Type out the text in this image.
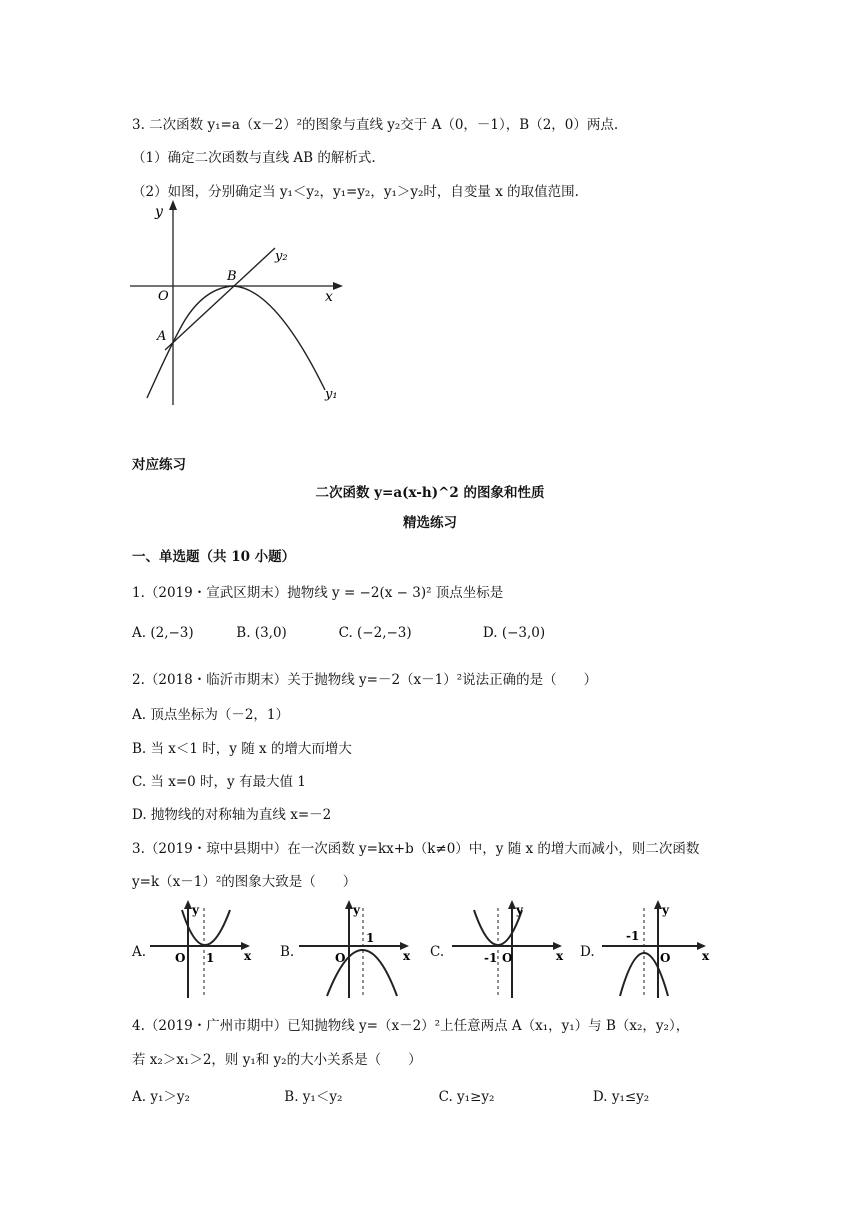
3. 二次函数 y₁=a（x－2）²的图象与直线 y₂交于 A（0，－1），B（2，0）两点.
（1）确定二次函数与直线 AB 的解析式.
（2）如图，分别确定当 y₁＜y₂，y₁=y₂，y₁＞y₂时，自变量 x 的取值范围.
y
x
O
A
B
y₂
y₁
对应练习
二次函数 y=a(x-h)^2 的图象和性质
精选练习
一、单选题（共 10 小题）
1.（2019・宣武区期末）抛物线 y = −2(x − 3)² 顶点坐标是
A. (2,−3)	B. (3,0)	C. (−2,−3)	D. (−3,0)
2.（2018・临沂市期末）关于抛物线 y=－2（x－1）²说法正确的是（　　）
A. 顶点坐标为（－2，1）
B. 当 x＜1 时，y 随 x 的增大而增大
C. 当 x=0 时，y 有最大值 1
D. 抛物线的对称轴为直线 x=－2
3.（2019・琼中县期中）在一次函数 y=kx+b（k≠0）中，y 随 x 的增大而减小，则二次函数
y=k（x－1）²的图象大致是（　　）
A.	B.	C.	D.
y
x
O 1
y
x
O
1
y
x
-1 O
y
x
-1
O
4.（2019・广州市期中）已知抛物线 y=（x－2）²上任意两点 A（x₁，y₁）与 B（x₂，y₂），
若 x₂＞x₁＞2，则 y₁和 y₂的大小关系是（　　）
A. y₁＞y₂	B. y₁＜y₂	C. y₁≥y₂	D. y₁≤y₂
